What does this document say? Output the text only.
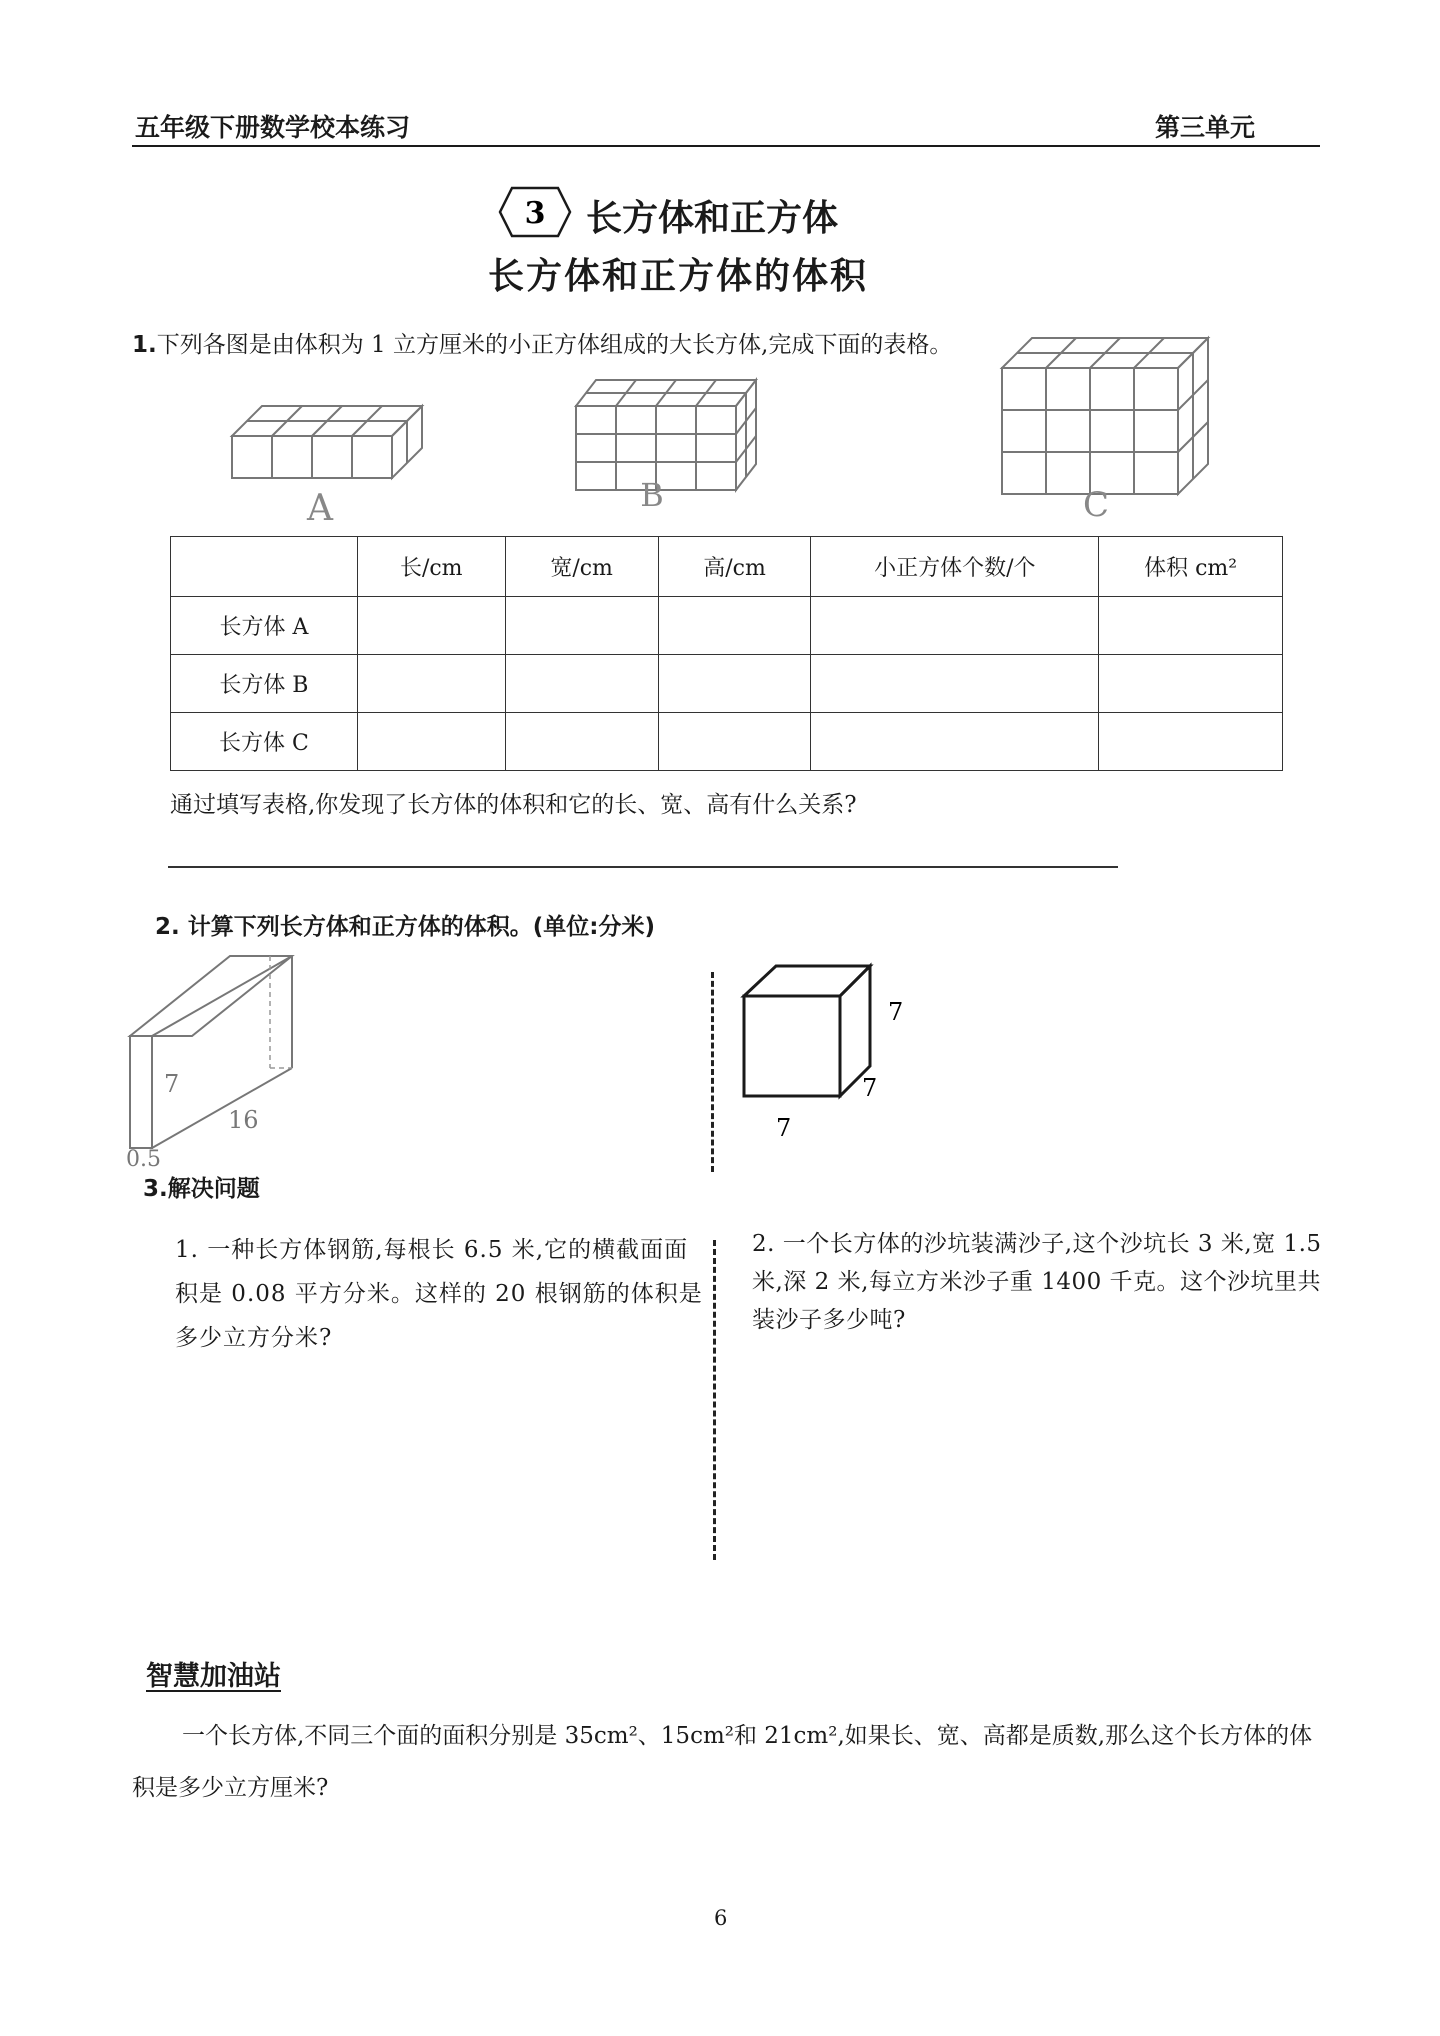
五年级下册数学校本练习	第三单元
3 长方体和正方体
长方体和正方体的体积
1.下列各图是由体积为 1 立方厘米的小正方体组成的大长方体,完成下面的表格。
A	B	C
	长/cm	宽/cm	高/cm	小正方体个数/个	体积 cm²
长方体 A					
长方体 B					
长方体 C					
通过填写表格,你发现了长方体的体积和它的长、宽、高有什么关系?
2. 计算下列长方体和正方体的体积。(单位:分米)
7
16
0.5
7
7
7
3.解决问题
1. 一种长方体钢筋,每根长 6.5 米,它的横截面面积是 0.08 平方分米。这样的 20 根钢筋的体积是多少立方分米?
2. 一个长方体的沙坑装满沙子,这个沙坑长 3 米,宽 1.5 米,深 2 米,每立方米沙子重 1400 千克。这个沙坑里共装沙子多少吨?
智慧加油站
一个长方体,不同三个面的面积分别是 35cm²、15cm²和 21cm²,如果长、宽、高都是质数,那么这个长方体的体积是多少立方厘米?
6
